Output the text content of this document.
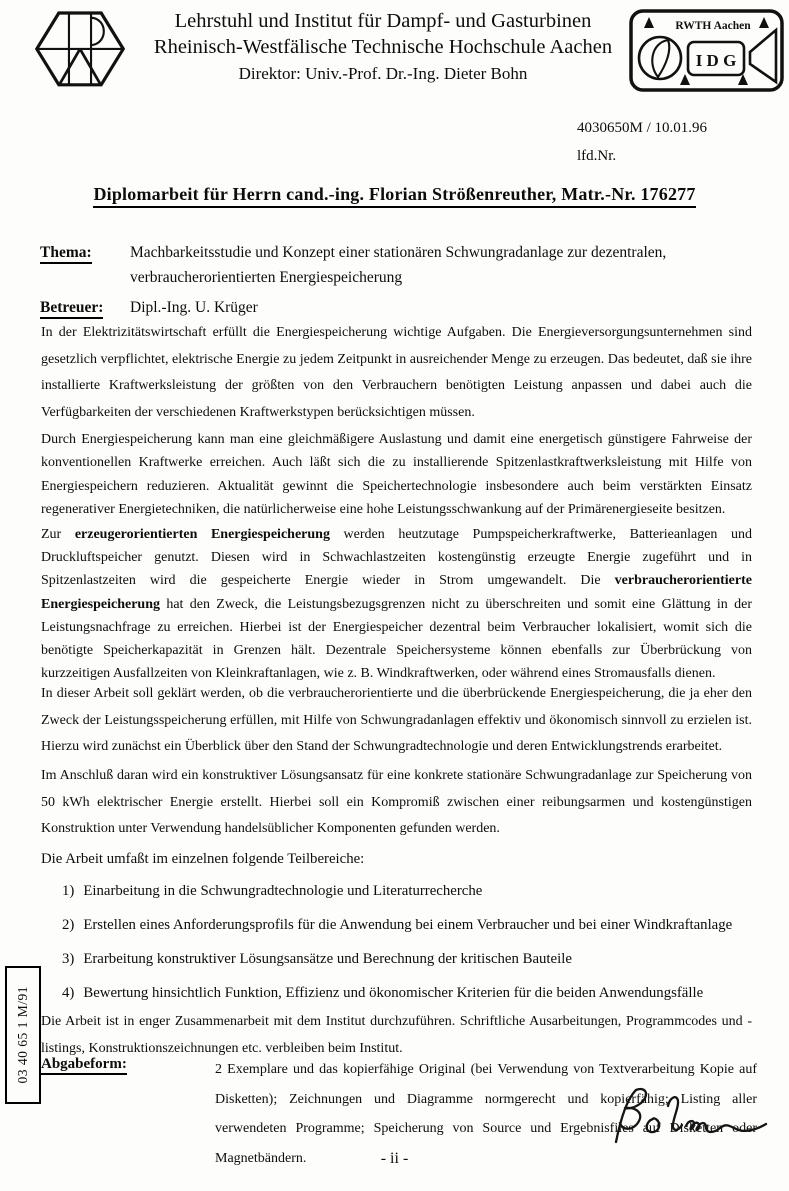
Lehrstuhl und Institut für Dampf- und Gasturbinen
Rheinisch-Westfälische Technische Hochschule Aachen
Direktor: Univ.-Prof. Dr.-Ing. Dieter Bohn
RWTH Aachen
I D G
4030650M / 10.01.96
lfd.Nr.
Diplomarbeit für Herrn cand.-ing. Florian Strößenreuther, Matr.-Nr. 176277
Thema:	Machbarkeitsstudie und Konzept einer stationären Schwungradanlage zur dezentralen, verbraucherorientierten Energiespeicherung
Betreuer:	Dipl.-Ing. U. Krüger

In der Elektrizitätswirtschaft erfüllt die Energiespeicherung wichtige Aufgaben. Die Energieversorgungsunternehmen sind gesetzlich verpflichtet, elektrische Energie zu jedem Zeitpunkt in ausreichender Menge zu erzeugen. Das bedeutet, daß sie ihre installierte Kraftwerksleistung der größten von den Verbrauchern benötigten Leistung anpassen und dabei auch die Verfügbarkeiten der verschiedenen Kraftwerkstypen berücksichtigen müssen.

Durch Energiespeicherung kann man eine gleichmäßigere Auslastung und damit eine energetisch günstigere Fahrweise der konventionellen Kraftwerke erreichen. Auch läßt sich die zu installierende Spitzenlastkraftwerksleistung mit Hilfe von Energiespeichern reduzieren. Aktualität gewinnt die Speichertechnologie insbesondere auch beim verstärkten Einsatz regenerativer Energietechniken, die natürlicherweise eine hohe Leistungsschwankung auf der Primärenergieseite besitzen.

Zur erzeugerorientierten Energiespeicherung werden heutzutage Pumpspeicherkraftwerke, Batterieanlagen und Druckluftspeicher genutzt. Diesen wird in Schwachlastzeiten kostengünstig erzeugte Energie zugeführt und in Spitzenlastzeiten wird die gespeicherte Energie wieder in Strom umgewandelt. Die verbraucherorientierte Energiespeicherung hat den Zweck, die Leistungsbezugsgrenzen nicht zu überschreiten und somit eine Glättung in der Leistungsnachfrage zu erreichen. Hierbei ist der Energiespeicher dezentral beim Verbraucher lokalisiert, womit sich die benötigte Speicherkapazität in Grenzen hält. Dezentrale Speichersysteme können ebenfalls zur Überbrückung von kurzzeitigen Ausfallzeiten von Kleinkraftanlagen, wie z. B. Windkraftwerken, oder während eines Stromausfalls dienen.

In dieser Arbeit soll geklärt werden, ob die verbraucherorientierte und die überbrückende Energiespeicherung, die ja eher den Zweck der Leistungsspeicherung erfüllen, mit Hilfe von Schwungradanlagen effektiv und ökonomisch sinnvoll zu erzielen ist. Hierzu wird zunächst ein Überblick über den Stand der Schwungradtechnologie und deren Entwicklungstrends erarbeitet.

Im Anschluß daran wird ein konstruktiver Lösungsansatz für eine konkrete stationäre Schwungradanlage zur Speicherung von 50 kWh elektrischer Energie erstellt. Hierbei soll ein Kompromiß zwischen einer reibungsarmen und kostengünstigen Konstruktion unter Verwendung handelsüblicher Komponenten gefunden werden.

Die Arbeit umfaßt im einzelnen folgende Teilbereiche:

1) Einarbeitung in die Schwungradtechnologie und Literaturrecherche
2) Erstellen eines Anforderungsprofils für die Anwendung bei einem Verbraucher und bei einer Windkraftanlage
3) Erarbeitung konstruktiver Lösungsansätze und Berechnung der kritischen Bauteile
4) Bewertung hinsichtlich Funktion, Effizienz und ökonomischer Kriterien für die beiden Anwendungsfälle

Die Arbeit ist in enger Zusammenarbeit mit dem Institut durchzuführen. Schriftliche Ausarbeitungen, Programmcodes und -listings, Konstruktionszeichnungen etc. verbleiben beim Institut.

Abgabeform:	2 Exemplare und das kopierfähige Original (bei Verwendung von Textverarbeitung Kopie auf Disketten); Zeichnungen und Diagramme normgerecht und kopierfähig; Listing aller verwendeten Programme; Speicherung von Source und Ergebnisfiles auf Disketten oder Magnetbändern.

03 40 65 1 M/91
- ii -
